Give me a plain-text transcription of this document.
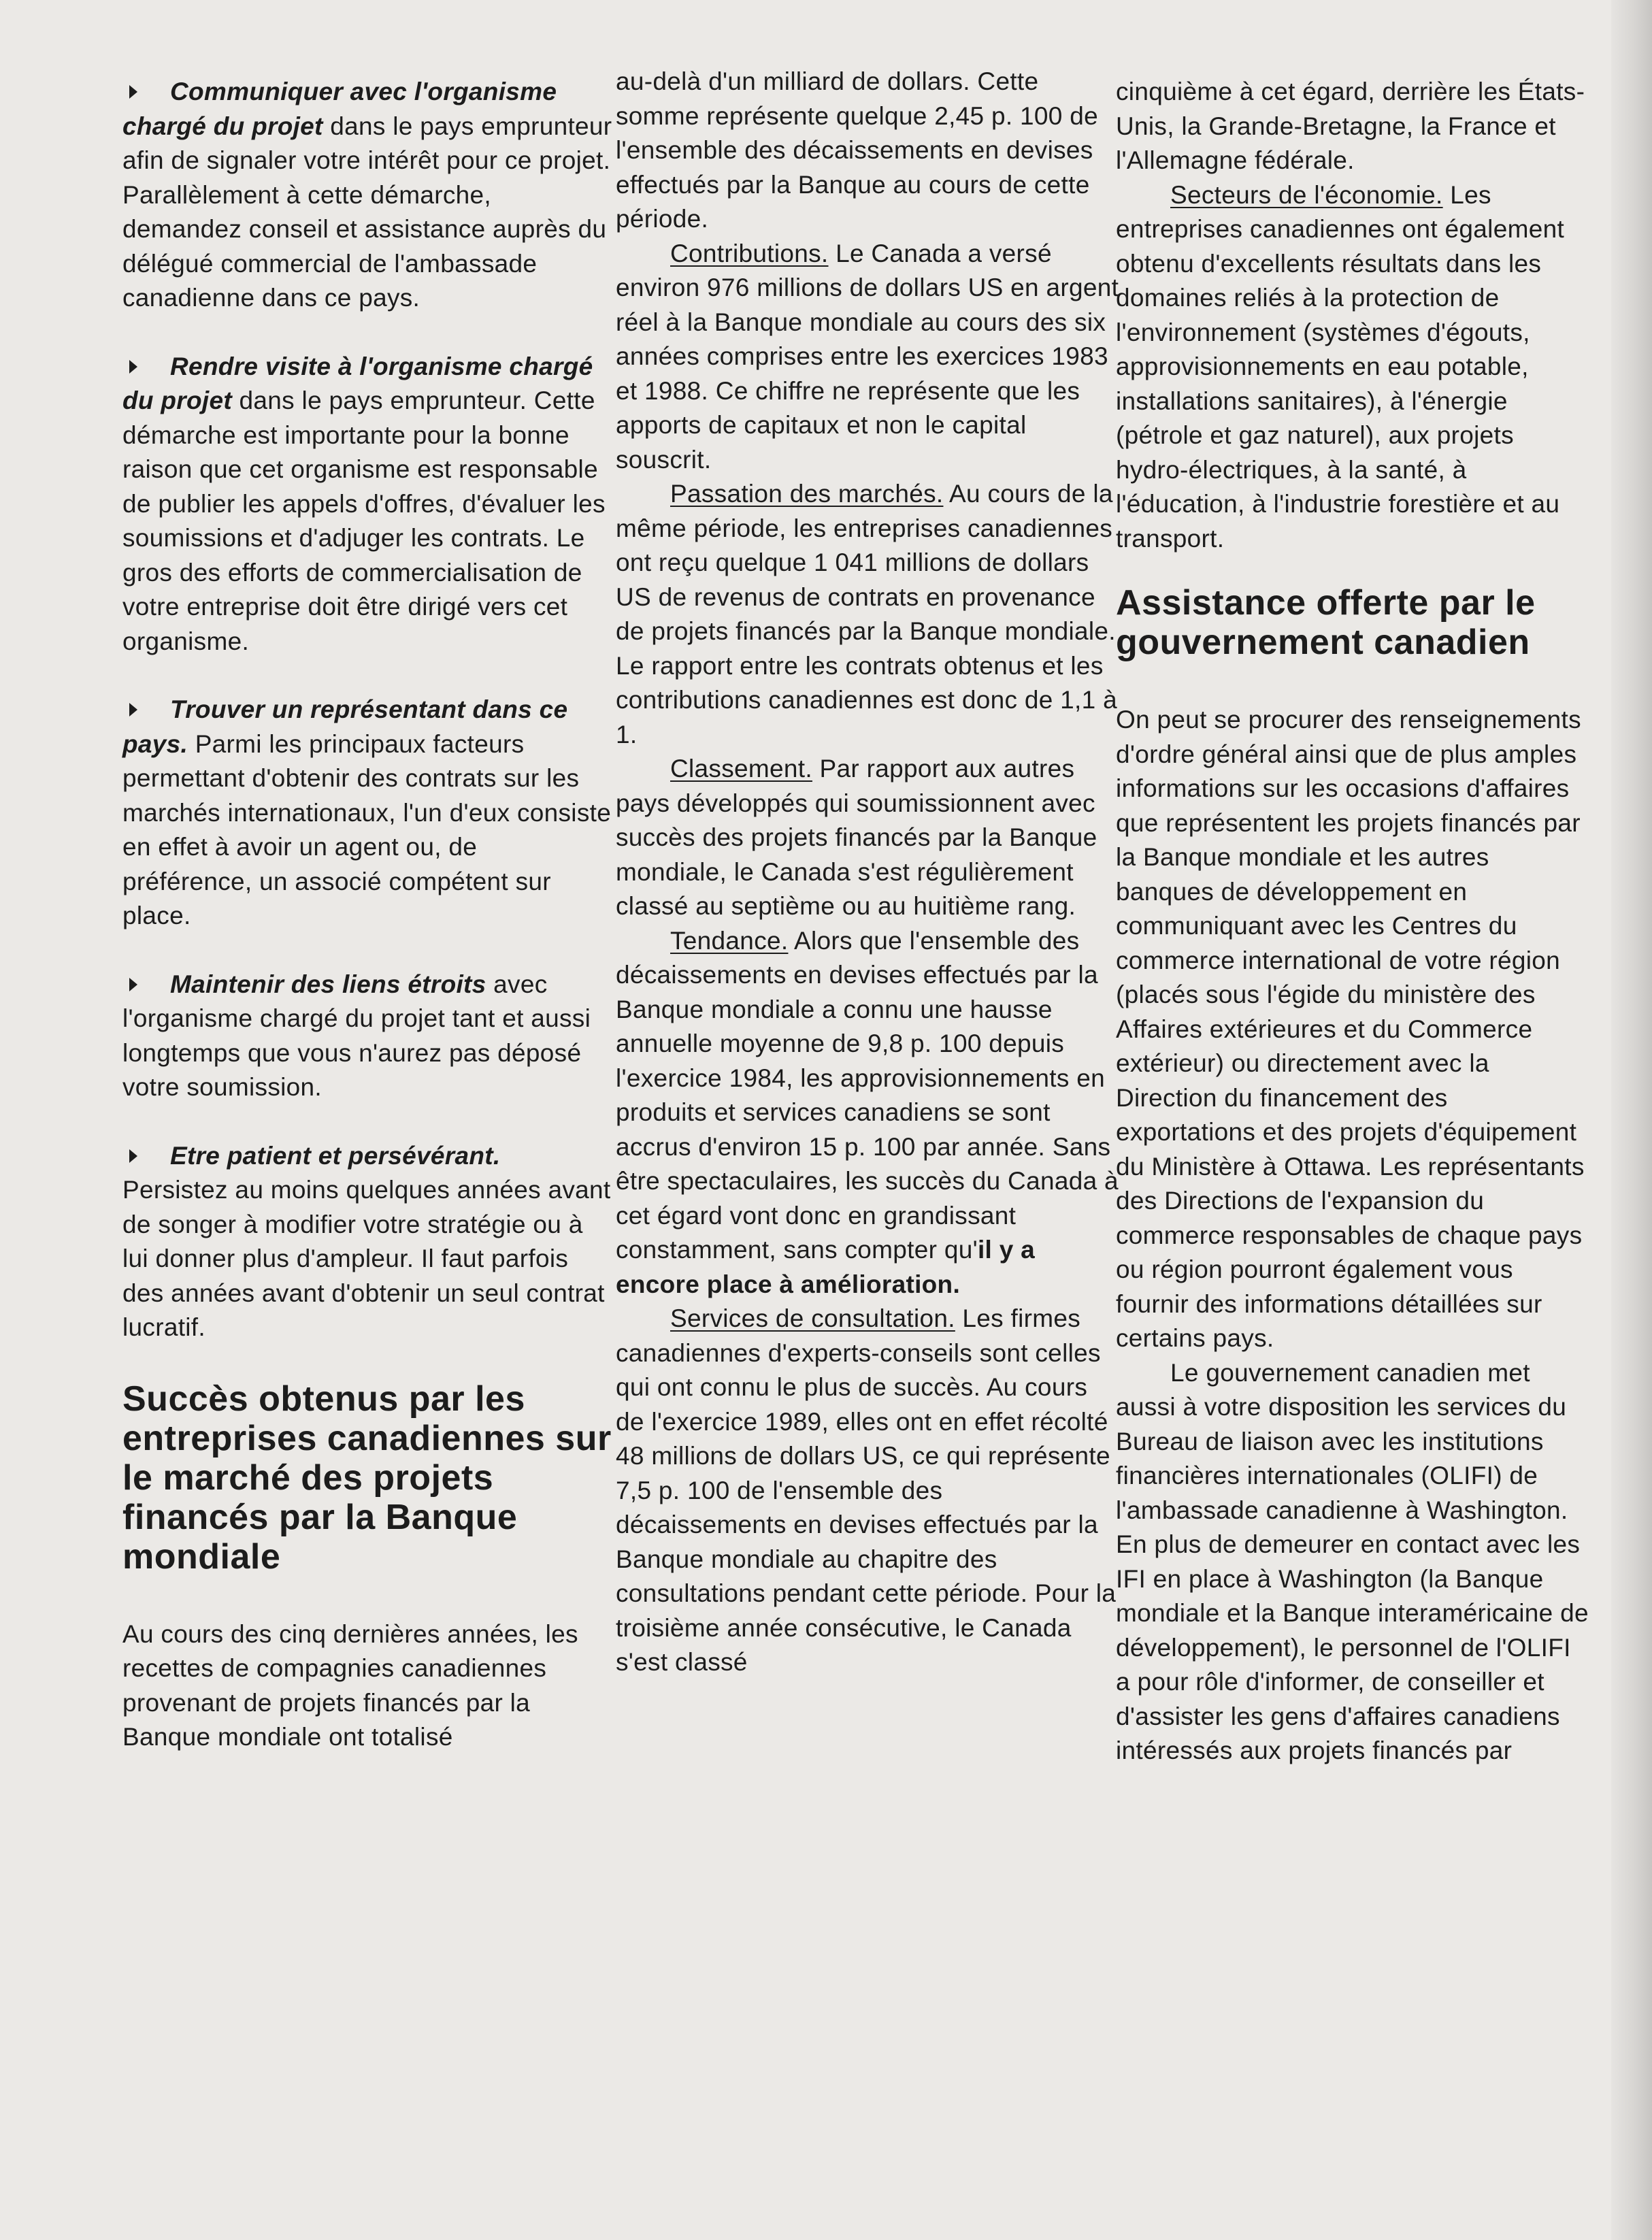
Communiquer avec l'organisme chargé du projet dans le pays emprunteur afin de signaler votre intérêt pour ce projet. Parallèlement à cette démarche, demandez conseil et assistance auprès du délégué commercial de l'ambassade canadienne dans ce pays.

Rendre visite à l'organisme chargé du projet dans le pays emprunteur. Cette démarche est importante pour la bonne raison que cet organisme est responsable de publier les appels d'offres, d'évaluer les soumissions et d'adjuger les contrats. Le gros des efforts de commercialisation de votre entreprise doit être dirigé vers cet organisme.

Trouver un représentant dans ce pays. Parmi les principaux facteurs permettant d'obtenir des contrats sur les marchés internationaux, l'un d'eux consiste en effet à avoir un agent ou, de préférence, un associé compétent sur place.

Maintenir des liens étroits avec l'organisme chargé du projet tant et aussi longtemps que vous n'aurez pas déposé votre soumission.

Etre patient et persévérant. Persistez au moins quelques années avant de songer à modifier votre stratégie ou à lui donner plus d'ampleur. Il faut parfois des années avant d'obtenir un seul contrat lucratif.

Succès obtenus par les entreprises canadiennes sur le marché des projets financés par la Banque mondiale

Au cours des cinq dernières années, les recettes de compagnies canadiennes provenant de projets financés par la Banque mondiale ont totalisé

au-delà d'un milliard de dollars. Cette somme représente quelque 2,45 p. 100 de l'ensemble des décaissements en devises effectués par la Banque au cours de cette période.

Contributions. Le Canada a versé environ 976 millions de dollars US en argent réel à la Banque mondiale au cours des six années comprises entre les exercices 1983 et 1988. Ce chiffre ne représente que les apports de capitaux et non le capital souscrit.

Passation des marchés. Au cours de la même période, les entreprises canadiennes ont reçu quelque 1 041 millions de dollars US de revenus de contrats en provenance de projets financés par la Banque mondiale. Le rapport entre les contrats obtenus et les contributions canadiennes est donc de 1,1 à 1.

Classement. Par rapport aux autres pays développés qui soumissionnent avec succès des projets financés par la Banque mondiale, le Canada s'est régulièrement classé au septième ou au huitième rang.

Tendance. Alors que l'ensemble des décaissements en devises effectués par la Banque mondiale a connu une hausse annuelle moyenne de 9,8 p. 100 depuis l'exercice 1984, les approvisionnements en produits et services canadiens se sont accrus d'environ 15 p. 100 par année. Sans être spectaculaires, les succès du Canada à cet égard vont donc en grandissant constamment, sans compter qu'il y a encore place à amélioration.

Services de consultation. Les firmes canadiennes d'experts-conseils sont celles qui ont connu le plus de succès. Au cours de l'exercice 1989, elles ont en effet récolté 48 millions de dollars US, ce qui représente 7,5 p. 100 de l'ensemble des décaissements en devises effectués par la Banque mondiale au chapitre des consultations pendant cette période. Pour la troisième année consécutive, le Canada s'est classé

cinquième à cet égard, derrière les États-Unis, la Grande-Bretagne, la France et l'Allemagne fédérale.

Secteurs de l'économie. Les entreprises canadiennes ont également obtenu d'excellents résultats dans les domaines reliés à la protection de l'environnement (systèmes d'égouts, approvisionnements en eau potable, installations sanitaires), à l'énergie (pétrole et gaz naturel), aux projets hydro-électriques, à la santé, à l'éducation, à l'industrie forestière et au transport.

Assistance offerte par le gouvernement canadien

On peut se procurer des renseignements d'ordre général ainsi que de plus amples informations sur les occasions d'affaires que représentent les projets financés par la Banque mondiale et les autres banques de développement en communiquant avec les Centres du commerce international de votre région (placés sous l'égide du ministère des Affaires extérieures et du Commerce extérieur) ou directement avec la Direction du financement des exportations et des projets d'équipement du Ministère à Ottawa. Les représentants des Directions de l'expansion du commerce responsables de chaque pays ou région pourront également vous fournir des informations détaillées sur certains pays.

Le gouvernement canadien met aussi à votre disposition les services du Bureau de liaison avec les institutions financières internationales (OLIFI) de l'ambassade canadienne à Washington. En plus de demeurer en contact avec les IFI en place à Washington (la Banque mondiale et la Banque interaméricaine de développement), le personnel de l'OLIFI a pour rôle d'informer, de conseiller et d'assister les gens d'affaires canadiens intéressés aux projets financés par
